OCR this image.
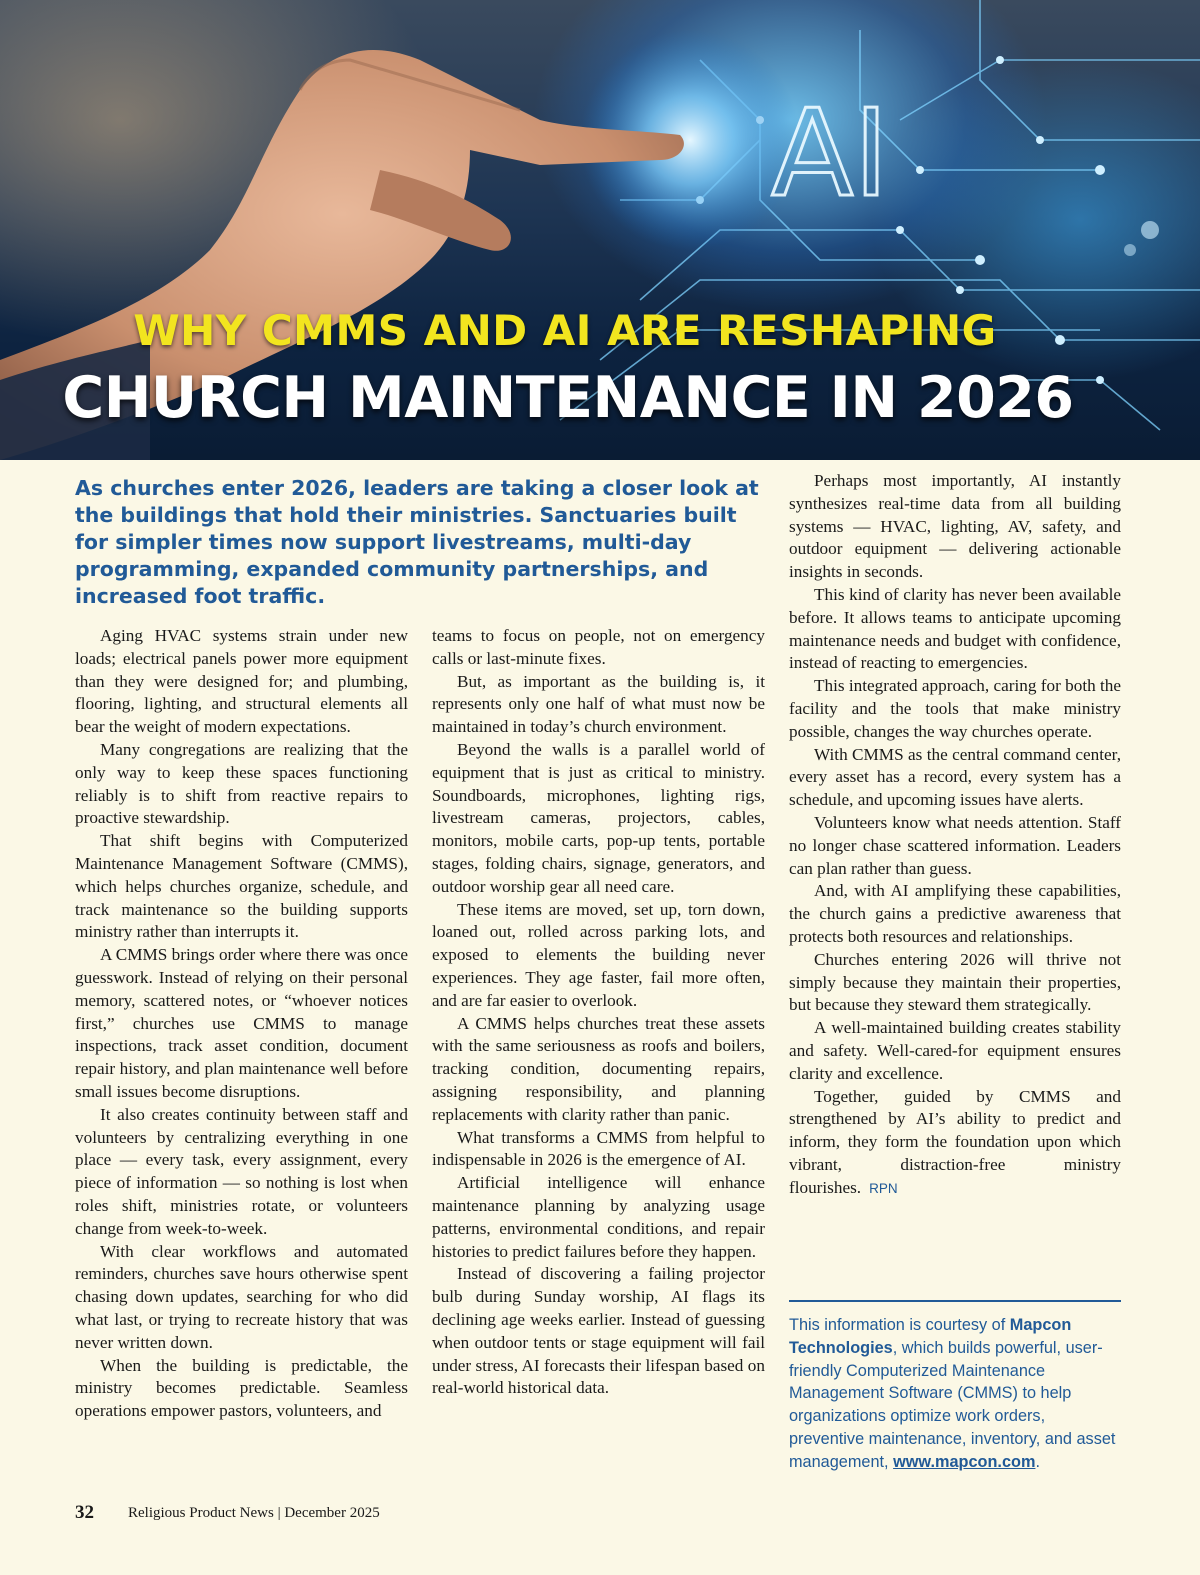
AI
WHY CMMS AND AI ARE RESHAPING
CHURCH MAINTENANCE IN 2026
As churches enter 2026, leaders are taking a closer look at the buildings that hold their ministries. Sanctuaries built for simpler times now support livestreams, multi-day programming, expanded community partnerships, and increased foot traffic.

Aging HVAC systems strain under new loads; electrical panels power more equipment than they were designed for; and plumbing, flooring, lighting, and structural elements all bear the weight of modern expectations.

Many congregations are realizing that the only way to keep these spaces functioning reliably is to shift from reactive repairs to proactive stewardship.

That shift begins with Computerized Maintenance Management Software (CMMS), which helps churches organize, schedule, and track maintenance so the building supports ministry rather than interrupts it.

A CMMS brings order where there was once guesswork. Instead of relying on their personal memory, scattered notes, or “whoever notices first,” churches use CMMS to manage inspections, track asset condition, document repair history, and plan maintenance well before small issues become disruptions.

It also creates continuity between staff and volunteers by centralizing everything in one place — every task, every assignment, every piece of information — so nothing is lost when roles shift, ministries rotate, or volunteers change from week-to-week.

With clear workflows and automated reminders, churches save hours otherwise spent chasing down updates, searching for who did what last, or trying to recreate history that was never written down.

When the building is predictable, the ministry becomes predictable. Seamless operations empower pastors, volunteers, and

teams to focus on people, not on emergency calls or last-minute fixes.

But, as important as the building is, it represents only one half of what must now be maintained in today’s church environment.

Beyond the walls is a parallel world of equipment that is just as critical to ministry. Soundboards, microphones, lighting rigs, livestream cameras, projectors, cables, monitors, mobile carts, pop-up tents, portable stages, folding chairs, signage, generators, and outdoor worship gear all need care.

These items are moved, set up, torn down, loaned out, rolled across parking lots, and exposed to elements the building never experiences. They age faster, fail more often, and are far easier to overlook.

A CMMS helps churches treat these assets with the same seriousness as roofs and boilers, tracking condition, documenting repairs, assigning responsibility, and planning replacements with clarity rather than panic.

What transforms a CMMS from helpful to indispensable in 2026 is the emergence of AI.

Artificial intelligence will enhance maintenance planning by analyzing usage patterns, environmental conditions, and repair histories to predict failures before they happen.

Instead of discovering a failing projector bulb during Sunday worship, AI flags its declining age weeks earlier. Instead of guessing when outdoor tents or stage equipment will fail under stress, AI forecasts their lifespan based on real-world historical data.

Perhaps most importantly, AI instantly synthesizes real-time data from all building systems — HVAC, lighting, AV, safety, and outdoor equipment — delivering actionable insights in seconds.

This kind of clarity has never been available before. It allows teams to anticipate upcoming maintenance needs and budget with confidence, instead of reacting to emergencies.

This integrated approach, caring for both the facility and the tools that make ministry possible, changes the way churches operate.

With CMMS as the central command center, every asset has a record, every system has a schedule, and upcoming issues have alerts.

Volunteers know what needs attention. Staff no longer chase scattered information. Leaders can plan rather than guess.

And, with AI amplifying these capabilities, the church gains a predictive awareness that protects both resources and relationships.

Churches entering 2026 will thrive not simply because they maintain their properties, but because they steward them strategically.

A well-maintained building creates stability and safety. Well-cared-for equipment ensures clarity and excellence.

Together, guided by CMMS and strengthened by AI’s ability to predict and inform, they form the foundation upon which vibrant, distraction-free ministry flourishes. RPN

This information is courtesy of Mapcon Technologies, which builds powerful, user-friendly Computerized Maintenance Management Software (CMMS) to help organizations optimize work orders, preventive maintenance, inventory, and asset management, www.mapcon.com.
32 Religious Product News | December 2025
